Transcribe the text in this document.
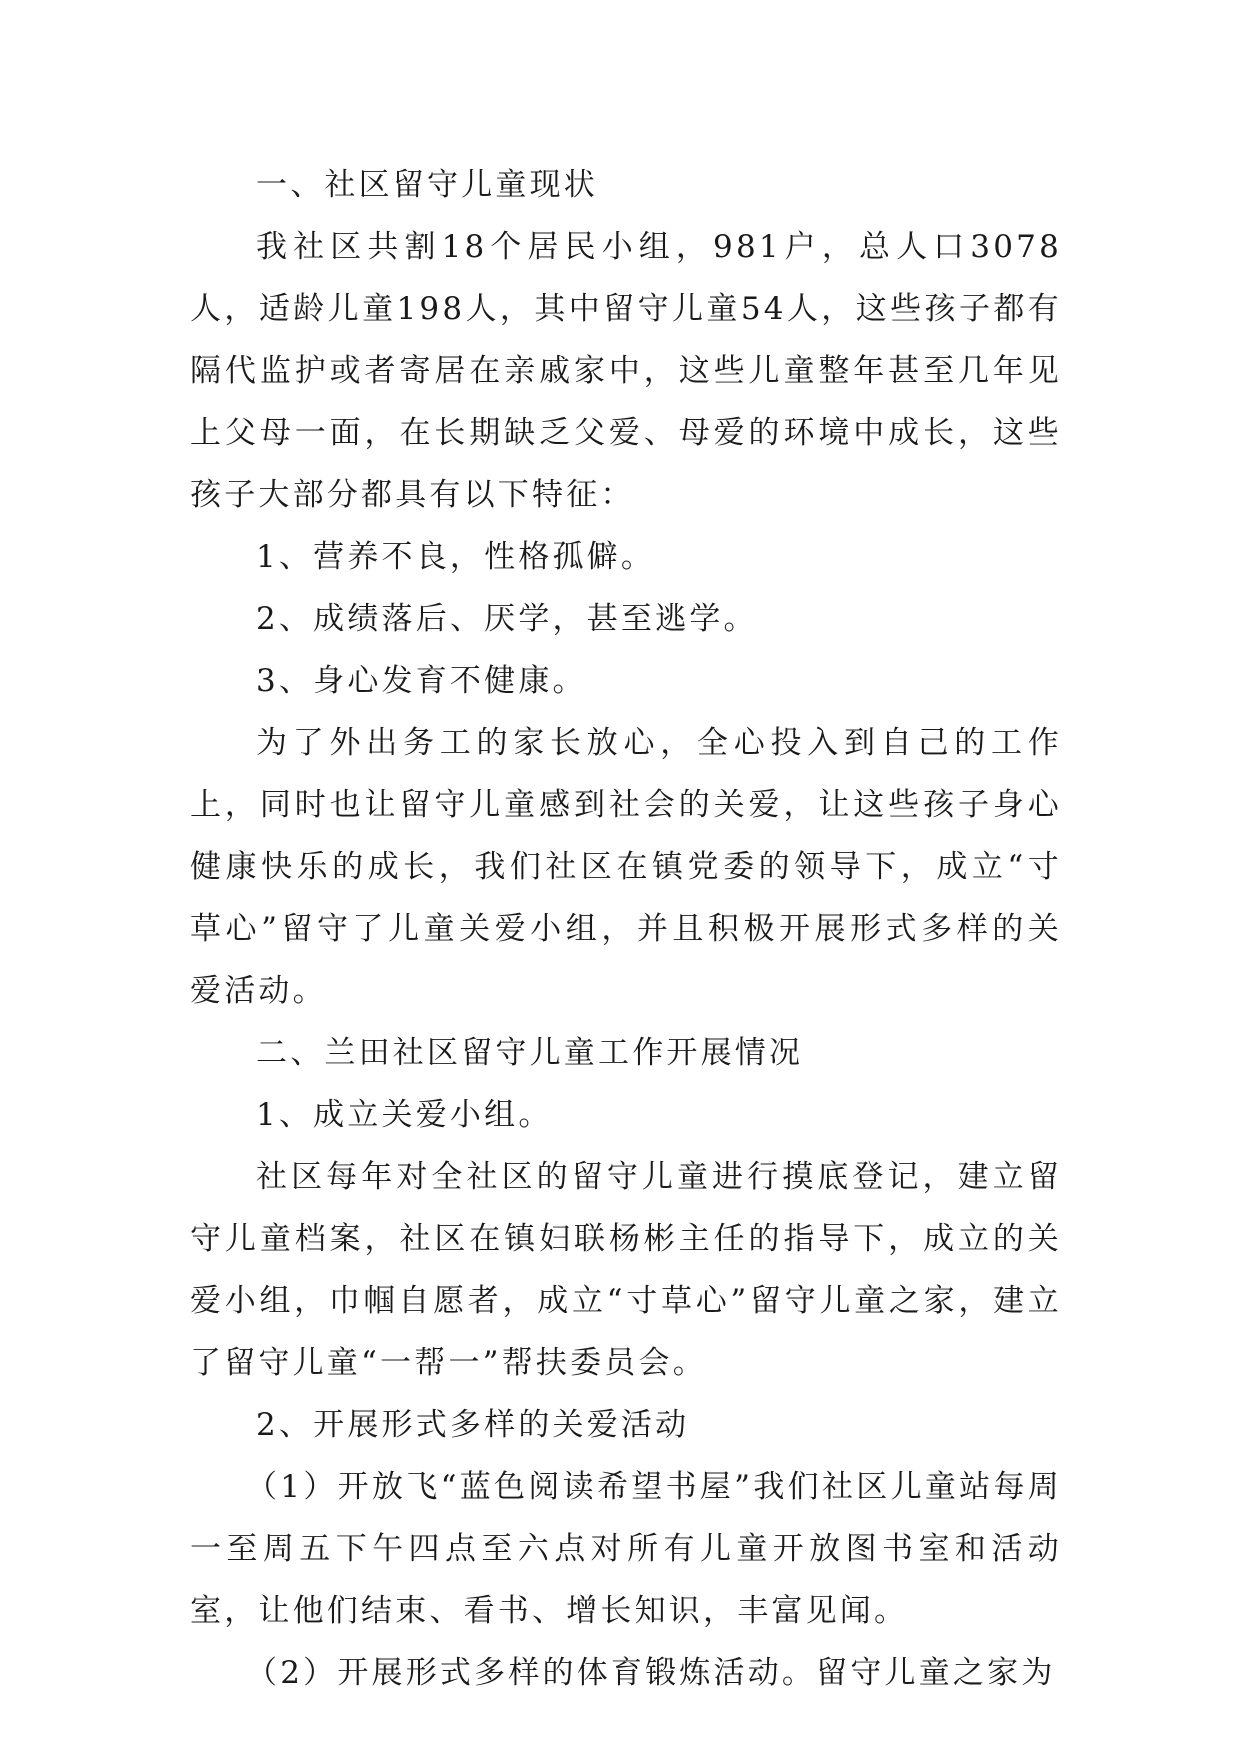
一、社区留守儿童现状

我社区共割18个居民小组，981户，总人口3078人，适龄儿童198人，其中留守儿童54人，这些孩子都有隔代监护或者寄居在亲戚家中，这些儿童整年甚至几年见上父母一面，在长期缺乏父爱、母爱的环境中成长，这些孩子大部分都具有以下特征：

1、营养不良，性格孤僻。

2、成绩落后、厌学，甚至逃学。

3、身心发育不健康。

为了外出务工的家长放心，全心投入到自己的工作上，同时也让留守儿童感到社会的关爱，让这些孩子身心健康快乐的成长，我们社区在镇党委的领导下，成立“寸草心”留守了儿童关爱小组，并且积极开展形式多样的关爱活动。

二、兰田社区留守儿童工作开展情况

1、成立关爱小组。

社区每年对全社区的留守儿童进行摸底登记，建立留守儿童档案，社区在镇妇联杨彬主任的指导下，成立的关爱小组，巾帼自愿者，成立“寸草心”留守儿童之家，建立了留守儿童“一帮一”帮扶委员会。

2、开展形式多样的关爱活动

（1）开放飞“蓝色阅读希望书屋”我们社区儿童站每周一至周五下午四点至六点对所有儿童开放图书室和活动室，让他们结束、看书、增长知识，丰富见闻。

（2）开展形式多样的体育锻炼活动。留守儿童之家为
